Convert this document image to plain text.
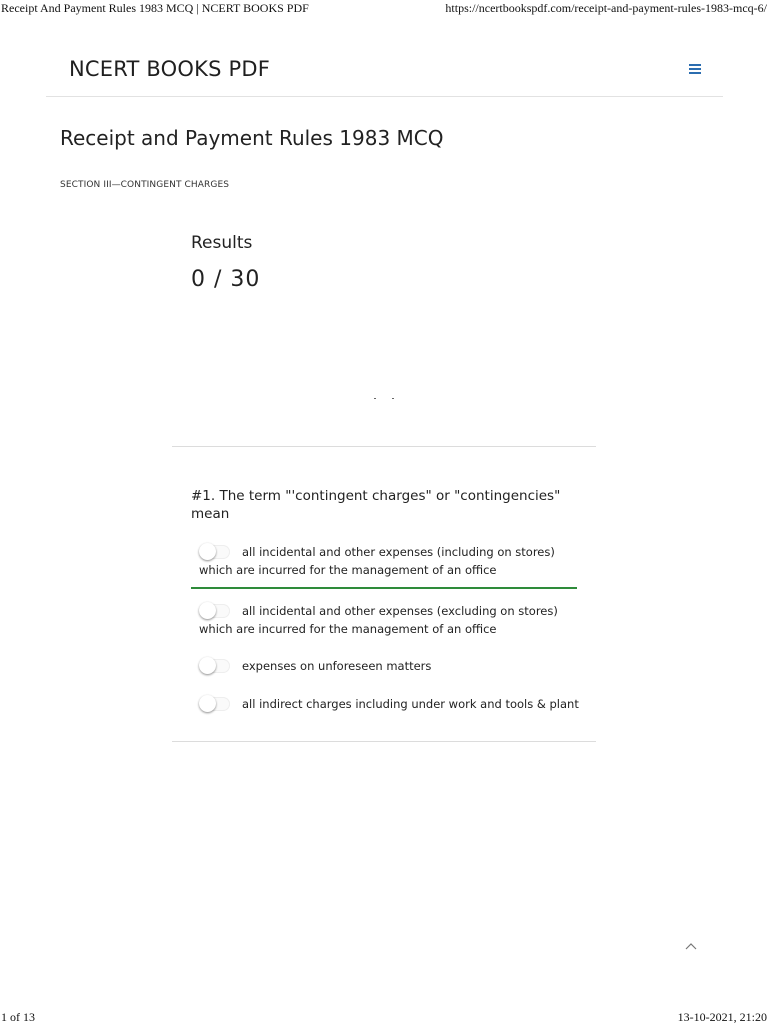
Receipt And Payment Rules 1983 MCQ | NCERT BOOKS PDF	https://ncertbookspdf.com/receipt-and-payment-rules-1983-mcq-6/
NCERT BOOKS PDF
Receipt and Payment Rules 1983 MCQ
SECTION III—CONTINGENT CHARGES
Results
0 / 30
#1. The term "'contingent charges" or "contingencies" mean
all incidental and other expenses (including on stores)
which are incurred for the management of an office
all incidental and other expenses (excluding on stores)
which are incurred for the management of an office
expenses on unforeseen matters
all indirect charges including under work and tools & plant
1 of 13	13-10-2021, 21:20
